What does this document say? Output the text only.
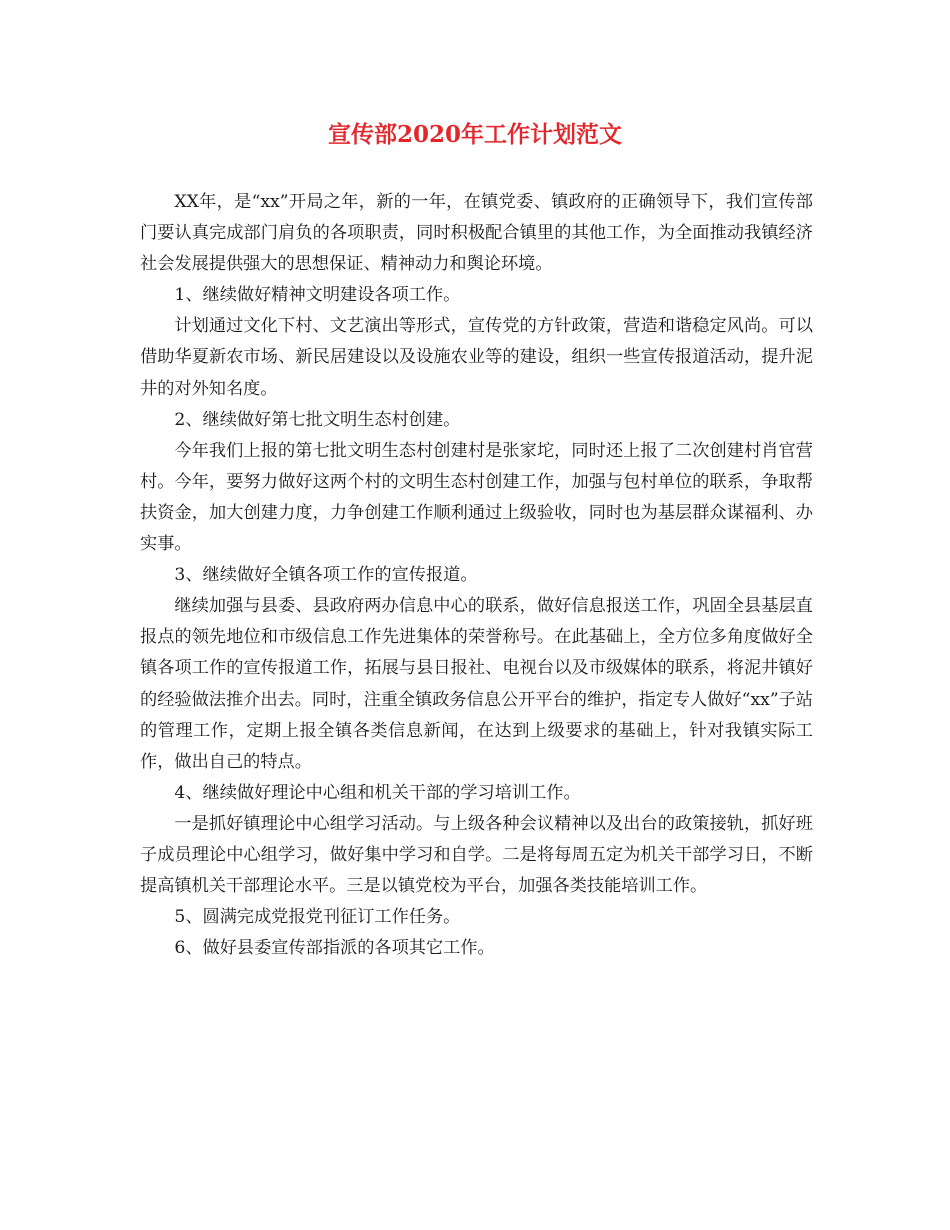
宣传部2020年工作计划范文

XX年，是“xx”开局之年，新的一年，在镇党委、镇政府的正确领导下，我们宣传部门要认真完成部门肩负的各项职责，同时积极配合镇里的其他工作，为全面推动我镇经济社会发展提供强大的思想保证、精神动力和舆论环境。

1、继续做好精神文明建设各项工作。

计划通过文化下村、文艺演出等形式，宣传党的方针政策，营造和谐稳定风尚。可以借助华夏新农市场、新民居建设以及设施农业等的建设，组织一些宣传报道活动，提升泥井的对外知名度。

2、继续做好第七批文明生态村创建。

今年我们上报的第七批文明生态村创建村是张家坨，同时还上报了二次创建村肖官营村。今年，要努力做好这两个村的文明生态村创建工作，加强与包村单位的联系，争取帮扶资金，加大创建力度，力争创建工作顺利通过上级验收，同时也为基层群众谋福利、办实事。

3、继续做好全镇各项工作的宣传报道。

继续加强与县委、县政府两办信息中心的联系，做好信息报送工作，巩固全县基层直报点的领先地位和市级信息工作先进集体的荣誉称号。在此基础上，全方位多角度做好全镇各项工作的宣传报道工作，拓展与县日报社、电视台以及市级媒体的联系，将泥井镇好的经验做法推介出去。同时，注重全镇政务信息公开平台的维护，指定专人做好“xx”子站的管理工作，定期上报全镇各类信息新闻，在达到上级要求的基础上，针对我镇实际工作，做出自己的特点。

4、继续做好理论中心组和机关干部的学习培训工作。

一是抓好镇理论中心组学习活动。与上级各种会议精神以及出台的政策接轨，抓好班子成员理论中心组学习，做好集中学习和自学。二是将每周五定为机关干部学习日，不断提高镇机关干部理论水平。三是以镇党校为平台，加强各类技能培训工作。

5、圆满完成党报党刊征订工作任务。

6、做好县委宣传部指派的各项其它工作。
